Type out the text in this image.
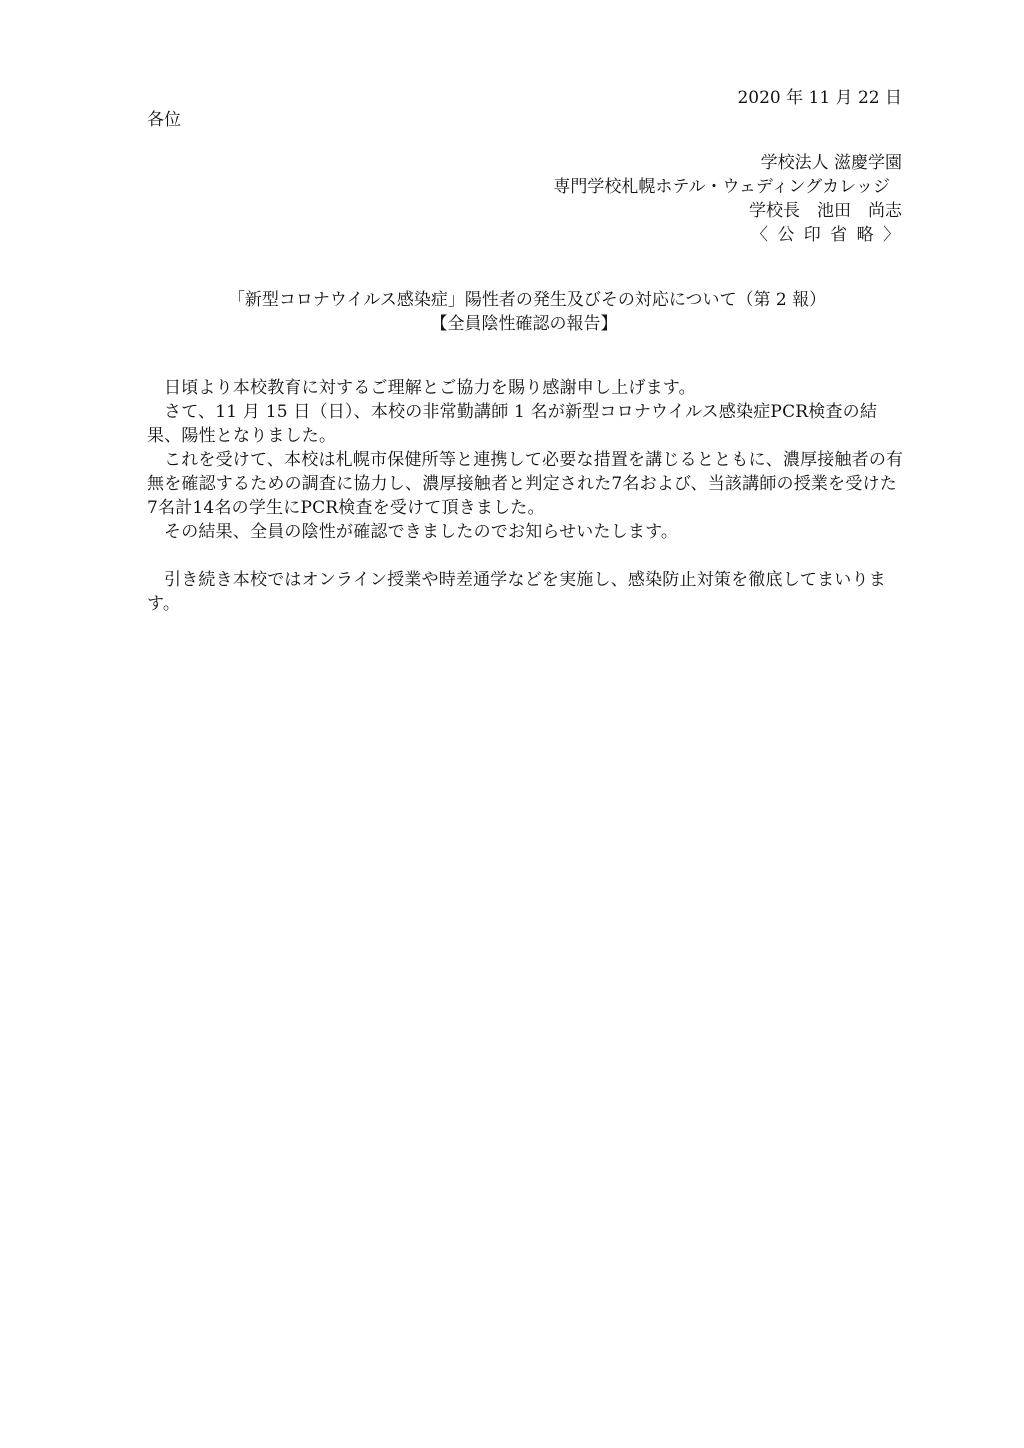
2020 年 11 月 22 日
各位
学校法人 滋慶学園
専門学校札幌ホテル・ウェディングカレッジ
学校長　池田　尚志
〈 公 印 省 略 〉
「新型コロナウイルス感染症」陽性者の発生及びその対応について（第 2 報）
【全員陰性確認の報告】

日頃より本校教育に対するご理解とご協力を賜り感謝申し上げます。

さて、11 月 15 日（日）、本校の非常勤講師 1 名が新型コロナウイルス感染症PCR検査の結果、陽性となりました。

これを受けて、本校は札幌市保健所等と連携して必要な措置を講じるとともに、濃厚接触者の有無を確認するための調査に協力し、濃厚接触者と判定された7名および、当該講師の授業を受けた7名計14名の学生にPCR検査を受けて頂きました。

その結果、全員の陰性が確認できましたのでお知らせいたします。

引き続き本校ではオンライン授業や時差通学などを実施し、感染防止対策を徹底してまいります。
